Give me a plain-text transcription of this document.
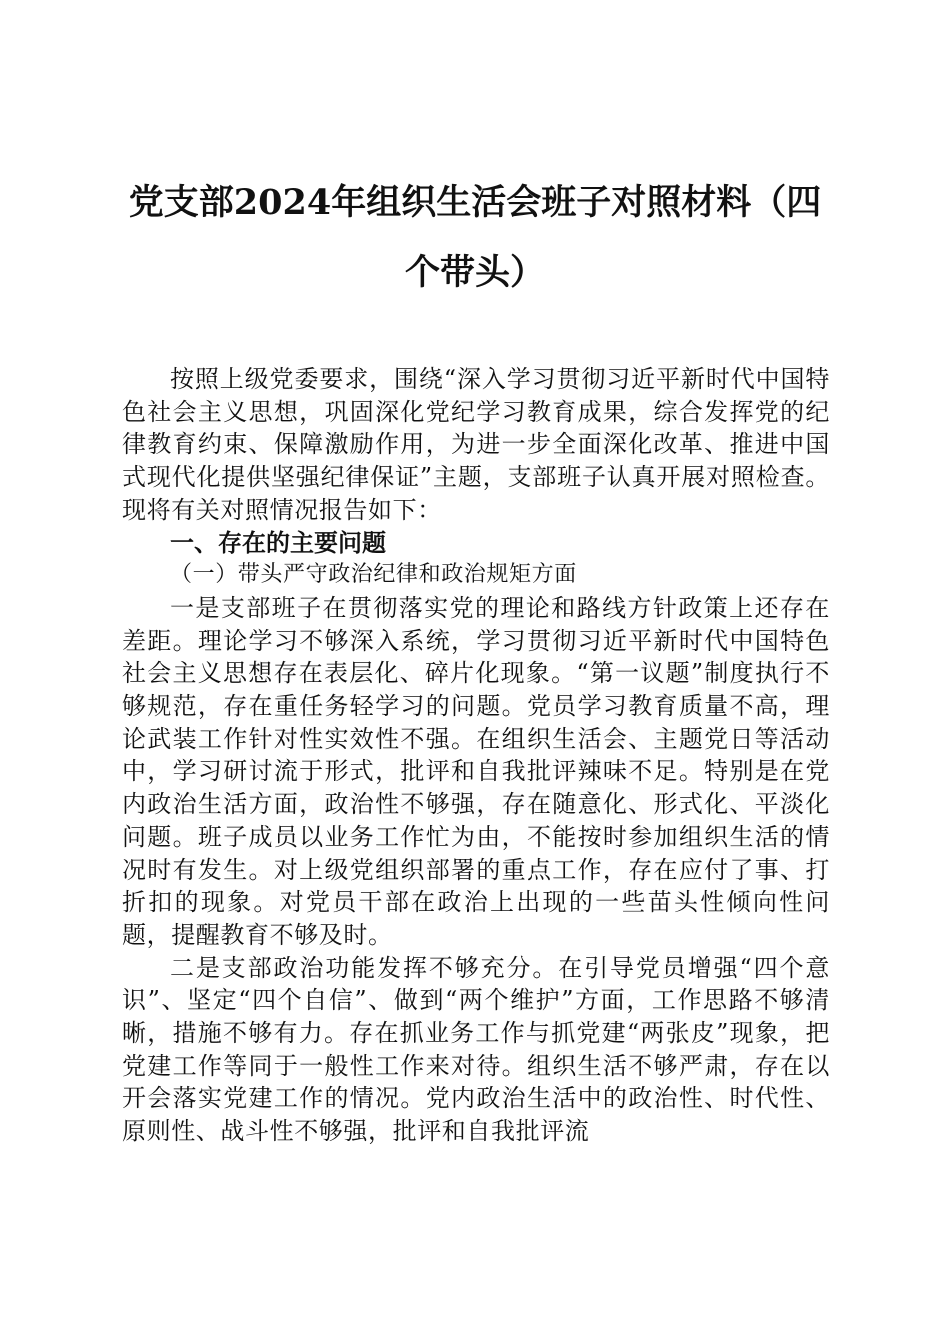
党支部2024年组织生活会班子对照材料（四
个带头）

按照上级党委要求，围绕“深入学习贯彻习近平新时代中国特色社会主义思想，巩固深化党纪学习教育成果，综合发挥党的纪律教育约束、保障激励作用，为进一步全面深化改革、推进中国式现代化提供坚强纪律保证”主题，支部班子认真开展对照检查。现将有关对照情况报告如下：

一、存在的主要问题

（一）带头严守政治纪律和政治规矩方面

一是支部班子在贯彻落实党的理论和路线方针政策上还存在差距。理论学习不够深入系统，学习贯彻习近平新时代中国特色社会主义思想存在表层化、碎片化现象。“第一议题”制度执行不够规范，存在重任务轻学习的问题。党员学习教育质量不高，理论武装工作针对性实效性不强。在组织生活会、主题党日等活动中，学习研讨流于形式，批评和自我批评辣味不足。特别是在党内政治生活方面，政治性不够强，存在随意化、形式化、平淡化问题。班子成员以业务工作忙为由，不能按时参加组织生活的情况时有发生。对上级党组织部署的重点工作，存在应付了事、打折扣的现象。对党员干部在政治上出现的一些苗头性倾向性问题，提醒教育不够及时。

二是支部政治功能发挥不够充分。在引导党员增强“四个意识”、坚定“四个自信”、做到“两个维护”方面，工作思路不够清晰，措施不够有力。存在抓业务工作与抓党建“两张皮”现象，把党建工作等同于一般性工作来对待。组织生活不够严肃，存在以开会落实党建工作的情况。党内政治生活中的政治性、时代性、原则性、战斗性不够强，批评和自我批评流
